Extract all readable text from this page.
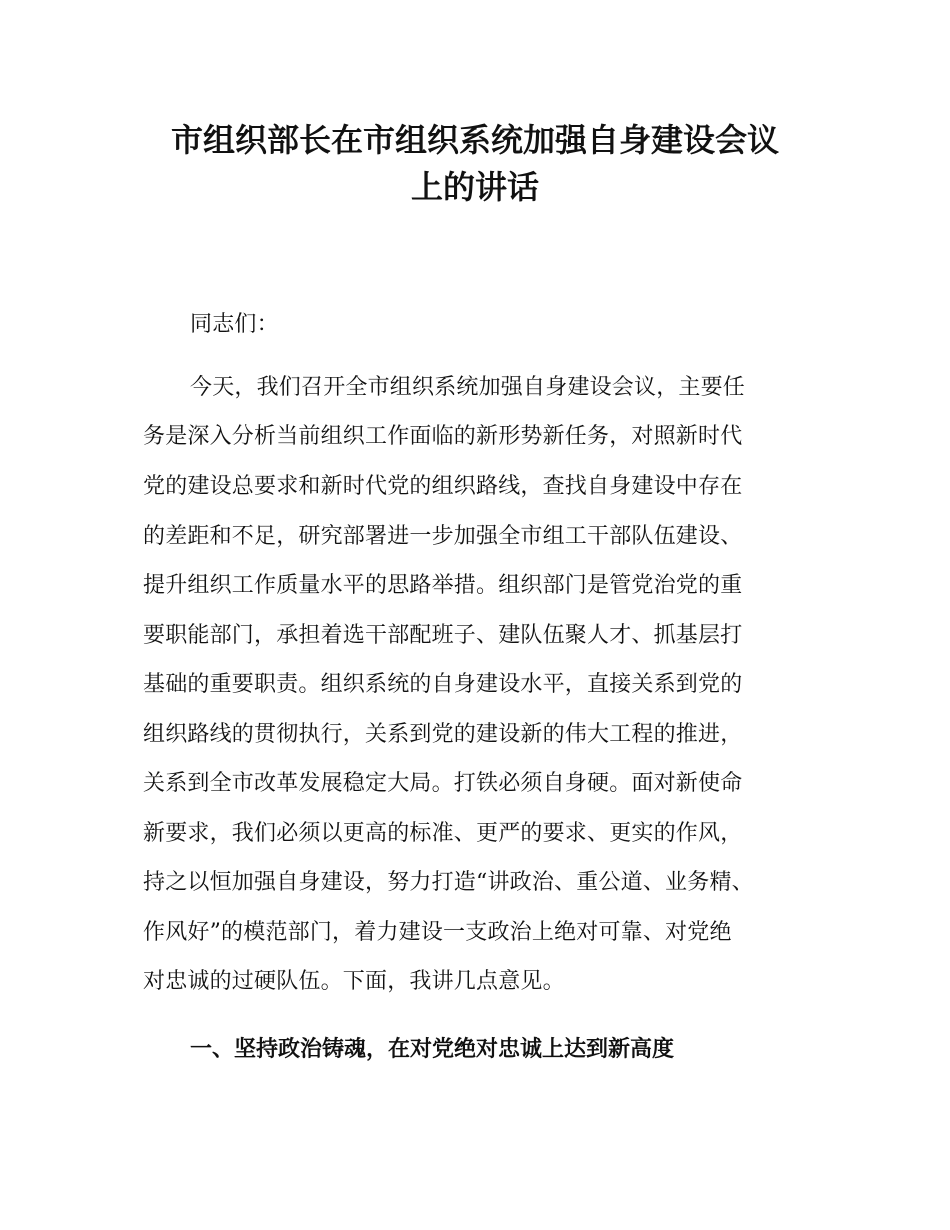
市组织部长在市组织系统加强自身建设会议
上的讲话
同志们：
今天，我们召开全市组织系统加强自身建设会议，主要任
务是深入分析当前组织工作面临的新形势新任务，对照新时代
党的建设总要求和新时代党的组织路线，查找自身建设中存在
的差距和不足，研究部署进一步加强全市组工干部队伍建设、
提升组织工作质量水平的思路举措。组织部门是管党治党的重
要职能部门，承担着选干部配班子、建队伍聚人才、抓基层打
基础的重要职责。组织系统的自身建设水平，直接关系到党的
组织路线的贯彻执行，关系到党的建设新的伟大工程的推进，
关系到全市改革发展稳定大局。打铁必须自身硬。面对新使命
新要求，我们必须以更高的标准、更严的要求、更实的作风，
持之以恒加强自身建设，努力打造“讲政治、重公道、业务精、
作风好”的模范部门，着力建设一支政治上绝对可靠、对党绝
对忠诚的过硬队伍。下面，我讲几点意见。
一、坚持政治铸魂，在对党绝对忠诚上达到新高度
